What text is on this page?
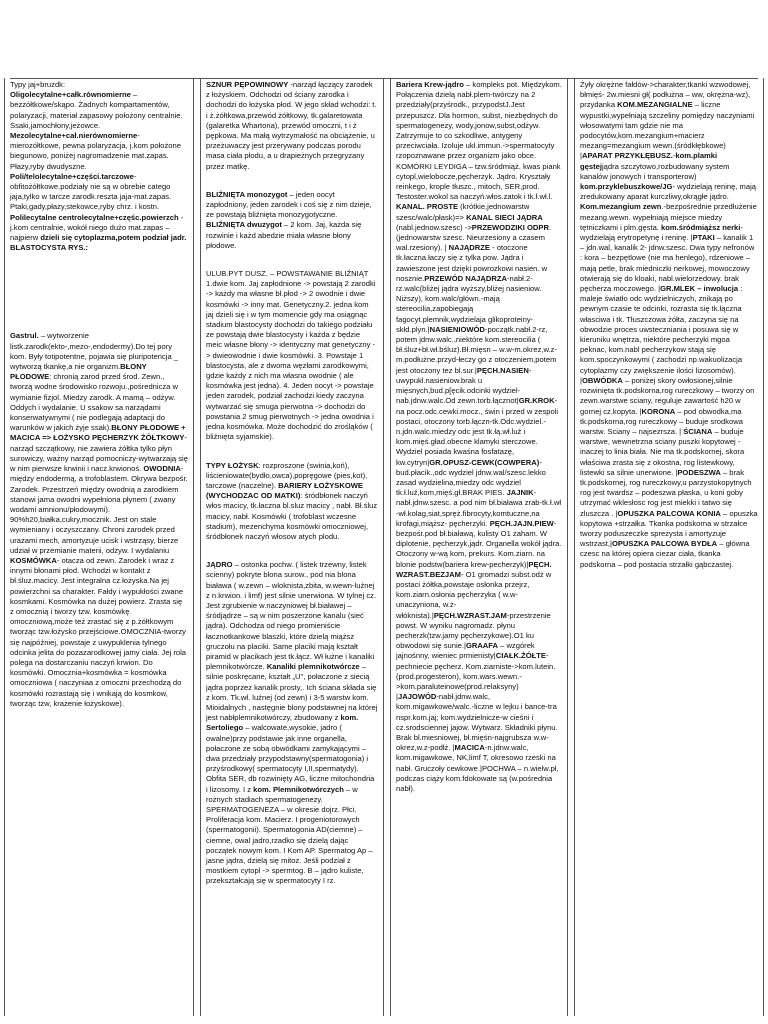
Typy jaj+bruzdk: Oligolecytalne+całk.równomierne – bezżółtkowe/skąpo. Żadnych kompartamentów, polaryzacji, materiał zapasowy położony centralnie. Ssaki,jamochłony,jeżowce. Mezolecytalne+cał.nierównomierne- mierozółtkowe, pewna polaryzacja, j.kom położone biegunowo, poniżej nagromadzenie mat.zapas. Płazy,ryby dwudyszne. Poli/telolecytalne+części.tarczowe- obfitożółtkowe.podziały nie są w obrebie catego jaja,tylko w tarcze zarodk.reszta jaja-mat.zapas. Ptaki,gady,płazy,stekowce,ryby chrz. i kostn. Polilecytalne centrolecytalne+częśc.powierzch -j.kom centralnie, wokół niego dużo mat.zapas – najpierw dzieli się cytoplazma,potem podział jadr. BLASTOCYSTA RYS.:

Gastrul. – wytworzenie listk.zarodk(ekto-,mezo-,endodermy).Do tej pory kom. Były totipotentne, pojawia się pluripotencja _ wytworzą tkankę,a nie organizm.BŁONY PŁODOWE: chronią zarod przed środ. Zewn., tworzą wodne środowisko rozwoju.,pośrednicza w wymianie fizjol. Miedzy zarodk. A mamą – odżyw. Oddych i wydalanie. U ssakow sa narządami konserwatywnymi ( nie podlegają adaptacji do warunków w jakich żyje ssak).BŁONY PŁODOWE + MACICA => ŁOŻYSKO PĘCHERZYK ŻÓŁTKOWY- narząd szczątkowy, nie zawiera żółtka tylko płyn surowiczy, ważny narząd pomocniczy-wytwarzają się w nim pierwsze krwinii i nacz.krwionoś. OWODNIA- między endodermą, a trofoblastem. Okrywa bezpośr. Zarodek. Przestrzeń między owodnią a zarodkiem stanowi jama owodni wypełniona płynem ( zwany wodami amnionu/płodowymi). 90%h20,białka,cukry,mocznik. Jest on stale wymieniany i oczyszczany. Chroni zarodek przed urazami mech, amortyzuje ucisk i wstrząsy, bierze udział w przemianie materii, odżyw. I wydalaniu KOSMÓWKA- otacza od zewn. Zarodek i wraz z innymi błonami płod. Wchodzi w kontakt z bł.śluz.macicy. Jest integralna cz.łożyska.Na jej powierzchni sa charakter. Fałdy i wypukłości zwane kosmkami. Kosmówka na dużej powierz. Zrasta się z omocznią i tworzy tzw. kosmówkę omoczniową,może też zrastać się z p.żółtkowym tworząc tzw.łożysko przejściowe.OMOCZNIA-tworzy się najpóźniej, powstaje z uwypuklenia tylnego odcinka jelita do pozazarodkowej jamy ciała. Jej rola polega na dostarczaniu naczyń krwion. Do kosmówki. Omocznia+kosmówka = kosmówka omoczniowa ( naczyniaa z omoczni przechodzą do kosmówki rozrastają się i wnikają do kosmkow, tworząc tzw, krażenie łożyskowe).

SZNUR PĘPOWINOWY -narząd łączący zarodek z łożyskiem. Odchodzi od ściany zarodka i dochodzi do łożyska płod. W jego skład wchodzi: t. i ż.żółtkowa,przewód żółtkowy, tk.galaretowata (galaretka Whartona), przewód omoczni, t i ż pępkowa. Ma małą wytrzymałość na obciążenie, u przeżuwaczy jest przerywany podczas porodu masa ciała płodu, a u drapieżnych przegryzany przez matkę.

BLIŹNIĘTA monozygot – jeden oocyt zapłodniony, jeden zarodek i coś się z nim dzieje, ze powstają bliźnięta monozygotyczne. BLIŹNIĘTA dwuzygot – 2 kom. Jaj, każda się rozwinie i każd abedzie miała własne błony płodowe.

ULUB.PYT DUSZ. – POWSTAWANIE BLIŹNIĄT 1.dwie kom. Jaj zapłodnione -> powstają 2 zarodki -> każdy ma własne bł.płod -> 2 owodnie i dwie kosmówki -> inny mat. Genetyczny.2. jedna kom jaj dzieli się i w tym momencie gdy ma osiągnąc stadium blastocysty dochodzi do takiego podziału ze powstają dwie blastocysty i każda z będzie meic własne błony -> identyczny mat genetyczny -> dwieowodnie i dwie kosmówki. 3. Powstaje 1 blastocysta, ale z dwoma węzłami zarodkowymi, gdzie każdy z nich ma własna owodnie ( ale kosmówka jest jedna). 4. Jeden oocyt -> powstaje jeden zarodek, podział zachodzi kiedy zaczyna wytwarzać się smuga pierwotna -> dochodzi do powstania 2 smug pierwotnych -> jedna owodnia i jedna kosmówka. Może dochodzić do zrośląków ( bliźnięta syjamskie).

TYPY ŁOŻYSK: rozproszone (swinia,koń), liścieniowate(bydło,owca),popręgowe (pies,kot), tarczowe (naczelne). BARIERY ŁOŻYSKOWE (WYCHODZAC OD MATKI): śródbłonek naczyń włos macicy, tk.łaczna bl.sluz macicy , nabł. Bł.śluz macicy, nabł. Kosmówki ( trofoblast wczesne stadium), mezenchyma kosmówki omoczniowej, śródbłonek naczyń włosow atych plodu.

JĄDRO – ostonka pochw. ( listek trzewny, listek scienny) pokryte blona surow., pod nia blona biaława ( w.zewn – wloknista,zbita, w.wewn-luźnej z n.krwion. i limf) jest silnie unerwiona. W tylnej cz. Jest zgrubienie w.naczyniowej bł.białawej – śródjądrze – są w nim poszerzone kanalu (sieć jądra). Odchodza od niego promieniście łacznotkankowe blaszki, które dzielą miąższ gruczołu na placiki. Same placiki mają kształt piramid w placikach jest tk.łącz. Wł łużne i kanaliki plemnikotwórcze. Kanaliki plemnikotwórcze – silnie poskręcane, kształt „U", połaczone z siecią jądra poprzez kanalik prosty,. Ich ściana składa się z kom. Tk.wł. luźnej (od zewn) i 3-5 warstw kom. Mioidalnych , nastęgnie blony podstawnej na której jest nabłplemnikotwórczy, zbudowany z kom. Sertoliego – walcowate,wysokie, jadro ( owalne)przy podstawie jak inne organella, połaczone ze sobą obwódkami zamykającymi – dwa przedziały przypodstawny(spermatogonia) i przyśrodkowy( spermatocyty I,II,spermatydy). Obfita SER, db rozwinięty AG, liczne mitochondria i lizosomy. I z kom. Plemnikotwórczych – w rożnych stadiach spermatogenezy. SPERMATOGENEZA – w okresie dojrz. Płci. Proliferacja kom. Macierz. I progeniotorowych (spermatogonii). Spermatogonia AD(ciemne) – ciemne, owal jadro,rzadko się dzielą dając początek nowym kom. I Kom AP. Spermatog Ap – jasne jądra, dzielą się mitoz. Jeśli podział z mostkiem cytopl -> spermtog. B – jądro kuliste, przekształcają się w spermatocyty I rz.

Bariera Krew-jądro – kompleks pot. Międzykom. Połączenia dzielą nabł.plem-twórczy na 2 przedziały(przyśrodk., przypodstJ.Jest przepuszcz. Dla hormon, subst, niezbędnych do spermatogenezy, wody,jonow,subst,odżyw. Zatrzymuje to co szkodliwe, antygeny przeciwciała. Izoluje ukł.immun.->spermatocyty rzopoznawane przez organizm jako obce. KOMÓRKI LEYDIGA – tzw.śródmiąż. kwas piank cytopl,wielobocze,pęcherzyk. Jądro. Kryształy reinkego, krople tłuszc., mitoch, SER,prod. Testoster.wokol sa naczyń.włos.zatok i tk.ł.wł.l. KANAL. PROSTE (krótkie,jednowarstw szesc/walc/płask)=> KANAL SIECI JĄDRA (nabl.jednow.szesc) ->PRZEWODZIKI ODPR.(jednowarstw szesc. Nieurzesiony a czasem wal.rzesiony). | NAJĄDRZE - otoczone tk.łaczna.łaczy się z tylka pow. Jądra i zawieszone jest dzięki powrozkowi nasien. w nosznie.PRZEWÓD NAJĄDRZA-nabł.2-rz.walc(bliżej jądra wyższy,bliżej nasieniow. Niższy), kom.walc/główn.-mają stereocilia,zapobiegają fagocyt.plemnik,wydzielaja glikoproteiny-skłd.plyn.|NASIENIOWÓD-początk.nabł.2-rz, potem jdnw.walc.,niektóre kom.stereocilia ( bł.śluz+bł.wł.bśluz).Bł.mięsn – w.w-m.okrez,w.z-m.podłużne.przyd-łeczy go z otoczeniem,potem jest otoczony tez bl.sur.|PĘCH.NASIEN-uwypukl.nasieniow.brak u mięsnych,bud.p[ęcik.odcinki wydziel-nab.jdnw.walc.Od zewn.torb.łącznot|GR.KROK-na pocz.odc.cewki.mocz., świn i przed w zespoli postaci, otoczony torb.łączn-tk.Odc.wydziel.-n.jdn.walc.miedzy odc jest tk.łą.wł.luź i kom.mięś.gład.obecne klamyki sterczowe. Wydziel posiada kwaśna fosfatazę, kw.cytryn|GR.OPUSZ-CEWK(COWPERA)-bud.płacik.,odc wydziel jdnw.wal/szesc.lekko zasad wydzielina,miedzy odc wydziel tk.ł.luź,kom,mięś.gł.BRAK PIES. JAJNIK-nabł.jdnw.szesc. a pod nim bł.biaława zrab-tk.ł.wł -wł.kolag,siat,spręż.fibrocyty,komtuczne,na krofagi,miąższ- pęcherzyki. PĘCH.JAJN.PIEW-bezpośr.pod bł.białawą, kulisty O1 zaham. W diplotenie, pęcherzyk,jądr. Organella wokół jądra. Otoczony w-wą kom, prekurs. Kom.ziarn. na blonie podstw(bariera krew-pecherzyk)|PĘCH. WZRAST.BEZJAM- O1 gromadzi subst.odż w postaci żółtka,powstaje osłonka przejrz, kom.ziarn.osłonia pęcherzyka ( w.w-unaczyniona, w.z-włóknista).|PĘCH.WZRAST.JAM-przestrzenie powst. W wyniku nagromadz. płynu pecherzk(tzw.jamy pęcherzykowe).O1 ku obwodowi się sunie.|GRAAFA – wzgórek jajnośnny, wieniec prmienisty|CIAŁK.ŻÓŁTE-pechniecie pęcherz. Kom.ziarniste->kom.lutein.(prod.progesteron), kom.wars.wewn.->kom.paraluteinowe(prod.relaksyny) |JAJOWÓD-nabł.jdnw.walc, kom.migawkowe/walc.-liczne w lejku i bance-tra nspr.kom.jaj; kom.wydzielnicze-w cieśni i cz.srodsciennej jajow. Wytwarz. Składniki płynu. Brak bl.miesniowej, bł.mięśn-najgrubsza w.w-okrez,w.z-podłż. |MACICA-n.jdnw.walc, kom.migawkowe, NK,limf T, okresowo rzeski na nabł. Gruczoły cewkowe.|POCHWA – n.wielw.pł, podczas ciąży kom.fdokowate są (w.pośrednia nabł).

Żyły okrężne fałdów->charakter,tkanki wzwodowej, błmięś- 2w.miesni gł( podłużna – ww, okrężna-wz), przydanka KOM.MEZANGIALNE – liczne wypustki,wypełniają szczeliny pomiędzy naczyniami włosowatymi tam gdzie nie ma podocytów,kom.mezangium+macierz mezang=mezangium wewn.(śródkłębkowe) |APARAT PRZYKŁĘBUSZ.-kom.plamki gęstejjądra szczytowo,rozbudowany system kanalów jonowych i transporterow) kom.przyklebuszkowe/JG- wydzielają reninę, mają zredukowany aparat kurczliwy,okrągłe jądro. Kom.mezangium zewn.-bezpośrednie przedłużenie mezang.wewn. wypełniają miejsce miedzy tętniczkami i plm.gęsta. kom.śródmiąższ nerki- wydzielają erytropetynę i reninę. |PTAKI – kanalik 1 – jdn.wal, kanalik 2- jdnw.szesc. Dwa typy nefronów : kora – bezpętlowe (nie ma henlego), rdzeniowe – mają petle, brak miedniczki nerkowej, mowoczowy otwierają się do kloaki, nabl.wielorzedowy. brak pęcherza moczowego. |GR.MLEK – inwolucja : maleje światło odc wydzielniczych, znikają po pewnym czasie te odcinki, rozrasta się tk.łączna własciwa i tk. Tłuszczowa żółta, zaczyna się na obwodzie proces uwsteczniania i posuwa się w kieruniku wnętrza, niektóre pecherzyki mgoa peknac, kom.nabl pecherzykow stają się kom.spoczynkowymi ( zachodzi np.wakuolizacja cytoplazmy czy zwiększenie ilości lizosomów). |OBWÓDKA – poniżej skory owłosionej,silnie rozwinięta tk.podskorna,rog rureczkowy – tworzy on zewn.warstwe sciany, reguluje zawartość h20 w gornej cz.kopyta. |KORONA – pod obwodka,ma tk.podskorna,rog rureczkowy – buduje srodkowa warstw. Sciany – najsezrsza. | ŚCIANA – buduje warstwe, wewnetrzna sciany puszki kopytowej - inaczej to linia biała. Nie ma tk.podskornej, skora właściwa zrasta się z okostna, rog listewkowy, listewki sa silnie unerwione. |PODESZWA – brak tk.podskornej, rog rureczkowy,u parzystokopytnych rog jest twardsz – podeszwa płaska, u koni goby utrzymać wklesłosc rog jest miekki i tatwo się zluszcza . |OPUSZKA PALCOWA KONIA – opuszka kopytowa +strzałka. Tkanka podskorna w strzałce tworzy poduszeczke sprezysta i amortyzuje wstrzast,|OPUSZKA PALCOWA BYDŁA – główna czesc na której opiera ciezar ciała, tkanka podskorna – pod postacia strzałki gąbczastej.
